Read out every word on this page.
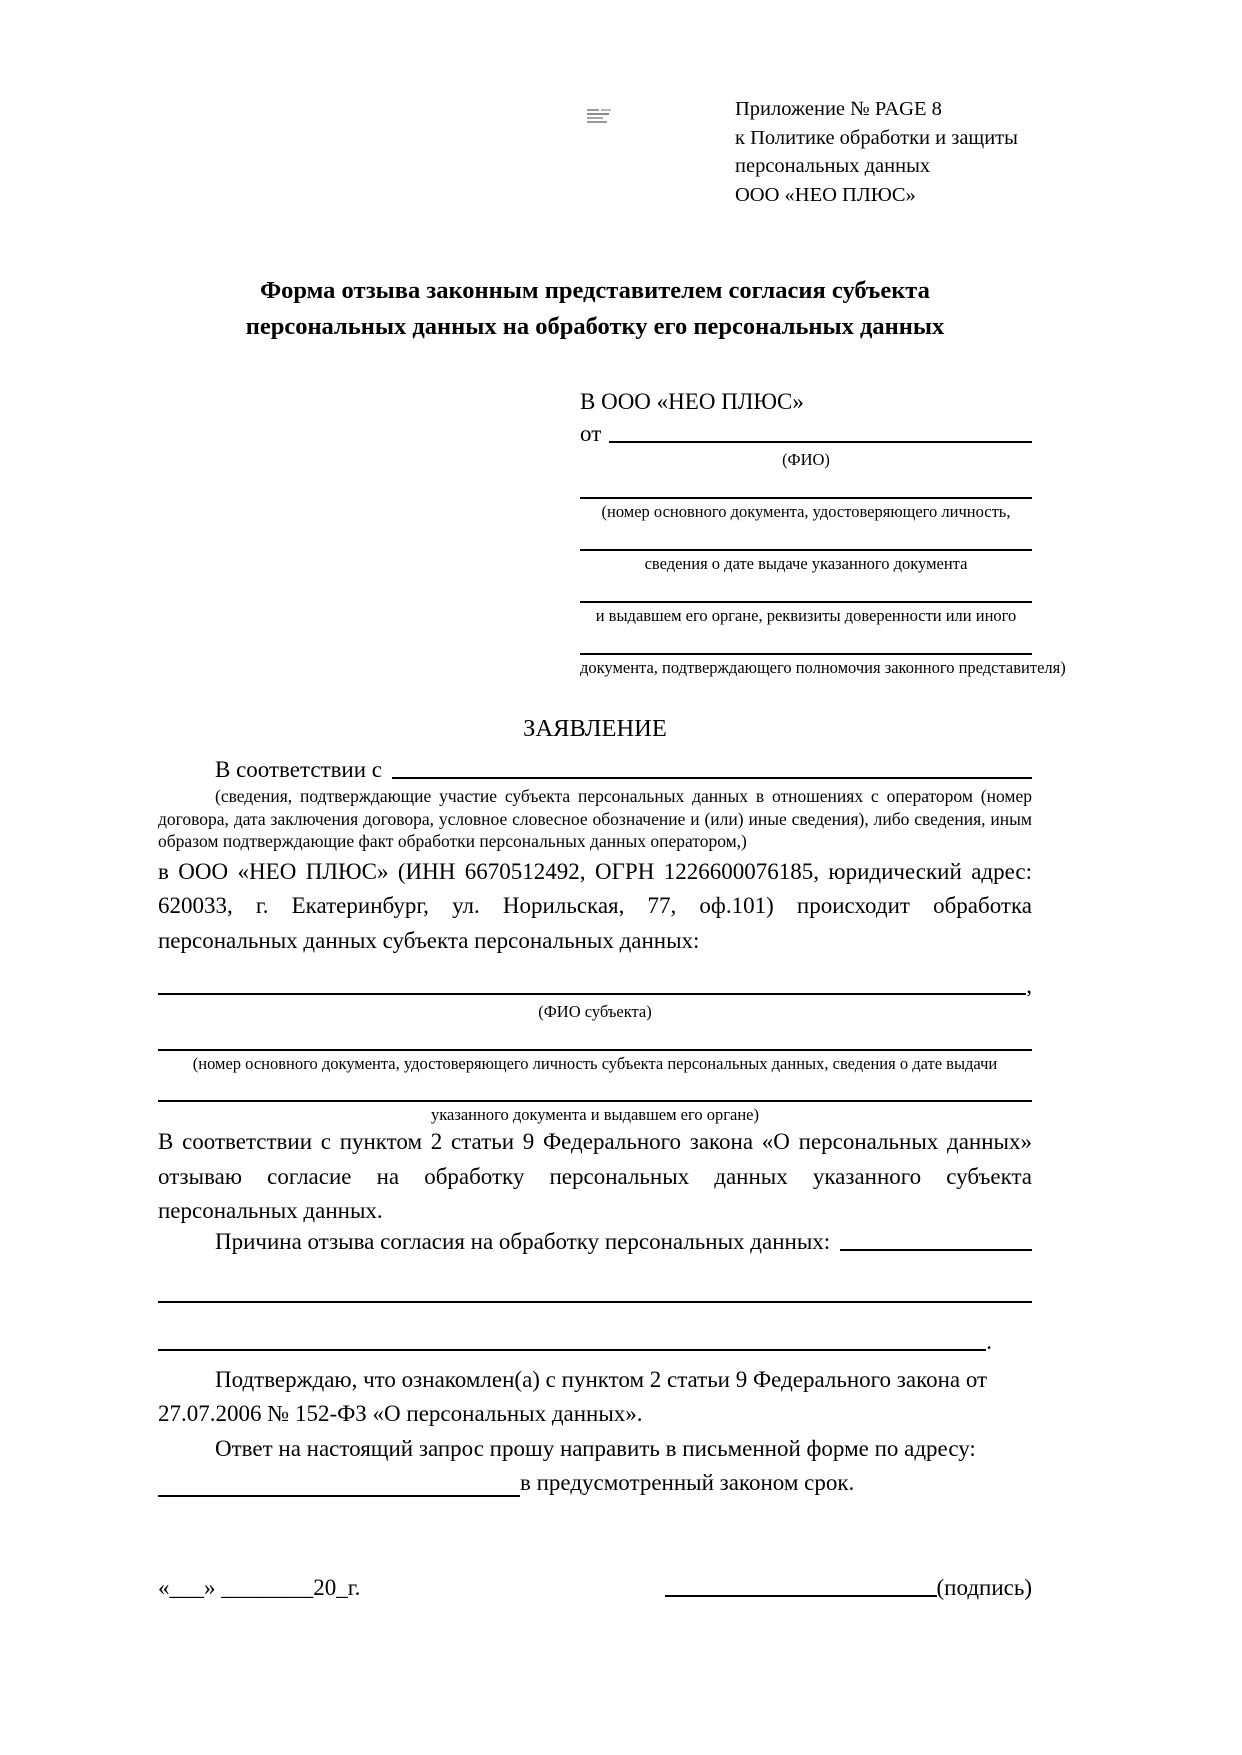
Приложение № PAGE 8
к Политике обработки и защиты
персональных данных
ООО «НЕО ПЛЮС»
Форма отзыва законным представителем согласия субъекта
персональных данных на обработку его персональных данных
В ООО «НЕО ПЛЮС»
от
(ФИО)
(номер основного документа, удостоверяющего личность,
сведения о дате выдаче указанного документа
и выдавшем его органе, реквизиты доверенности или иного
документа, подтверждающего полномочия законного представителя)
ЗАЯВЛЕНИЕ
В соответствии с

(сведения, подтверждающие участие субъекта персональных данных в отношениях с оператором (номер договора, дата заключения договора, условное словесное обозначение и (или) иные сведения), либо сведения, иным образом подтверждающие факт обработки персональных данных оператором,)

в ООО «НЕО ПЛЮС» (ИНН 6670512492, ОГРН 1226600076185, юридический адрес: 620033, г. Екатеринбург, ул. Норильская, 77, оф.101) происходит обработка персональных данных субъекта персональных данных:

,
(ФИО субъекта)
(номер основного документа, удостоверяющего личность субъекта персональных данных, сведения о дате выдачи
указанного документа и выдавшем его органе)

В соответствии с пунктом 2 статьи 9 Федерального закона «О персональных данных» отзываю согласие на обработку персональных данных указанного субъекта персональных данных.

Причина отзыва согласия на обработку персональных данных:
.

Подтверждаю, что ознакомлен(а) с пунктом 2 статьи 9 Федерального закона от 27.07.2006 № 152-ФЗ «О персональных данных».

Ответ на настоящий запрос прошу направить в письменной форме по адресу:

в предусмотренный законом срок.
«___» ________20_г.	(подпись)
